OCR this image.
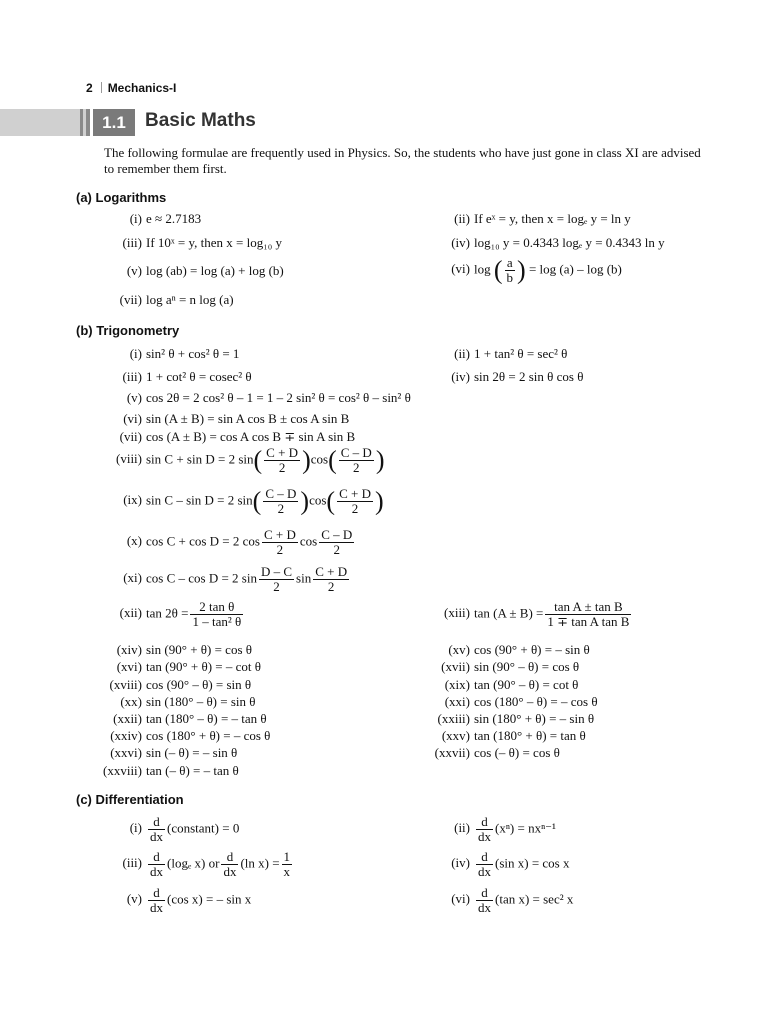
2 Mechanics-I
1.1	Basic Maths
The following formulae are frequently used in Physics. So, the students who have just gone in class XI are advised to remember them first.
(a) Logarithms
(i) e ≈ 2.7183	(ii) If eˣ = y, then x = logₑ y = ln y
(iii) If 10ˣ = y, then x = log₁₀ y	(iv) log₁₀ y = 0.4343 logₑ y = 0.4343 ln y
(v) log (ab) = log (a) + log (b)	(vi) log ( $\frac{a}{b}$ ) = log (a) – log (b)
(vii) log aⁿ = n log (a)
(b) Trigonometry
(i) sin² θ + cos² θ = 1	(ii) 1 + tan² θ = sec² θ
(iii) 1 + cot² θ = cosec² θ	(iv) sin 2θ = 2 sin θ cos θ
(v) cos 2θ = 2 cos² θ – 1 = 1 – 2 sin² θ = cos² θ – sin² θ
(vi) sin (A ± B) = sin A cos B ± cos A sin B
(vii) cos (A ± B) = cos A cos B ∓ sin A sin B
(viii) sin C + sin D = 2 $\sin( \frac{C + D}{2} )\cos( \frac{C - D}{2}$ )
(ix) sin C – sin D = 2 $\sin( \frac{C - D}{2} )\cos( \frac{C + D}{2}$ )
(x) cos C + cos D = 2 $\cos \frac{C + D}{2}$ $\cos \frac{C - D}{2}$
(xi) cos C – cos D = 2 $\sin \frac{D - C}{2}$ $\sin \frac{C + D}{2}$
(xii) $\tan 2\theta = \frac{\text{2 tan θ}}{\text{1 – tan² θ}}$	(xiii) $\tan (A \pm B) = \frac{\text{tan A ± tan B}}{\text{1 ∓ tan A tan B}}$
(xiv) sin (90° + θ) = cos θ	(xv) cos (90° + θ) = – sin θ
(xvi) tan (90° + θ) = – cot θ	(xvii) sin (90° – θ) = cos θ
(xviii) cos (90° – θ) = sin θ	(xix) tan (90° – θ) = cot θ
(xx) sin (180° – θ) = sin θ	(xxi) cos (180° – θ) = – cos θ
(xxii) tan (180° – θ) = – tan θ	(xxiii) sin (180° + θ) = – sin θ
(xxiv) cos (180° + θ) = – cos θ	(xxv) tan (180° + θ) = tan θ
(xxvi) sin (– θ) = – sin θ	(xxvii) cos (– θ) = cos θ
(xxviii) tan (– θ) = – tan θ
(c) Differentiation
$(i) \frac{d}{dx}$ (constant) = 0	$(ii) \frac{d}{dx} (x^n) = nx^{n-1}$
$(iii) \frac{d}{dx} (\log_e$ x) or $\frac{d}{dx} (\ln$ $x) = \frac{1}{x}$	$(iv) \frac{d}{dx} (\sin$ x) = cos x
$(v) \frac{d}{dx} (\cos$ x) = – sin x	$(vi) \frac{d}{dx} (\tan$ x) = sec² x
